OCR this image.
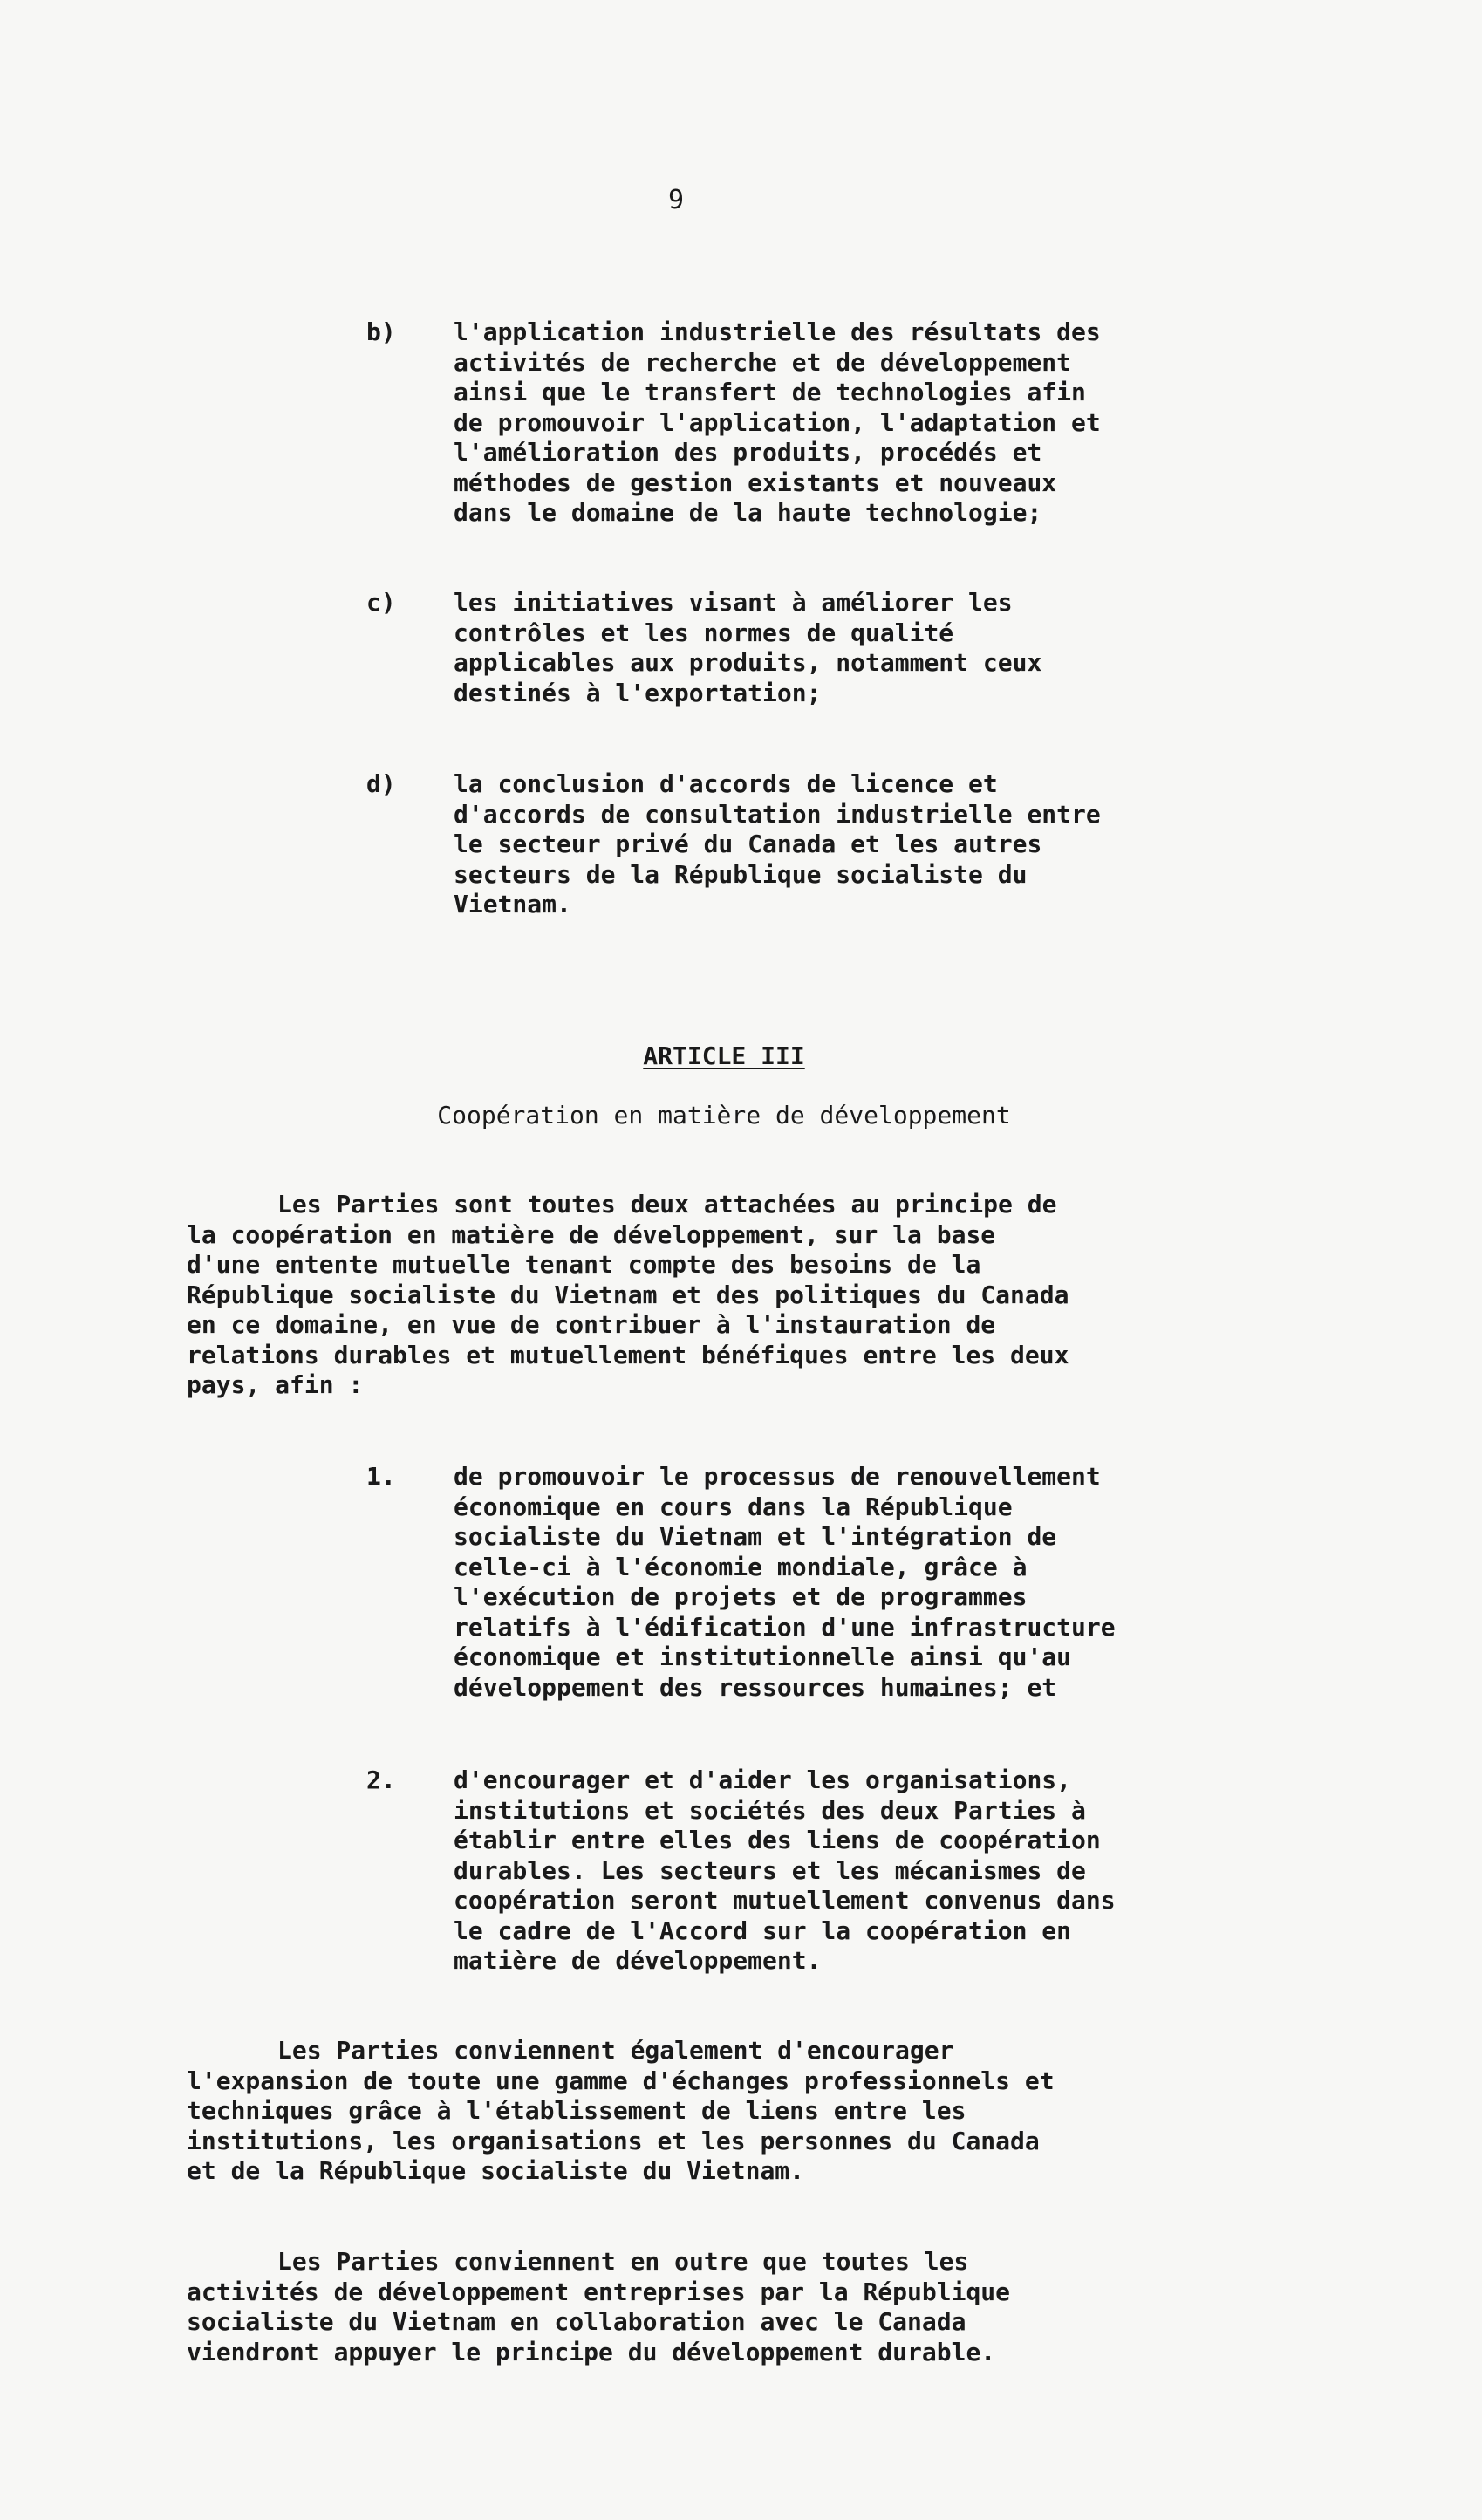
9
b) l'application industrielle des résultats des
activités de recherche et de développement
ainsi que le transfert de technologies afin
de promouvoir l'application, l'adaptation et
l'amélioration des produits, procédés et
méthodes de gestion existants et nouveaux
dans le domaine de la haute technologie;
c) les initiatives visant à améliorer les
contrôles et les normes de qualité
applicables aux produits, notamment ceux
destinés à l'exportation;
d) la conclusion d'accords de licence et
d'accords de consultation industrielle entre
le secteur privé du Canada et les autres
secteurs de la République socialiste du
Vietnam.
ARTICLE III
Coopération en matière de développement
Les Parties sont toutes deux attachées au principe de
la coopération en matière de développement, sur la base
d'une entente mutuelle tenant compte des besoins de la
République socialiste du Vietnam et des politiques du Canada
en ce domaine, en vue de contribuer à l'instauration de
relations durables et mutuellement bénéfiques entre les deux
pays, afin :
1. de promouvoir le processus de renouvellement
économique en cours dans la République
socialiste du Vietnam et l'intégration de
celle-ci à l'économie mondiale, grâce à
l'exécution de projets et de programmes
relatifs à l'édification d'une infrastructure
économique et institutionnelle ainsi qu'au
développement des ressources humaines; et
2. d'encourager et d'aider les organisations,
institutions et sociétés des deux Parties à
établir entre elles des liens de coopération
durables. Les secteurs et les mécanismes de
coopération seront mutuellement convenus dans
le cadre de l'Accord sur la coopération en
matière de développement.
Les Parties conviennent également d'encourager
l'expansion de toute une gamme d'échanges professionnels et
techniques grâce à l'établissement de liens entre les
institutions, les organisations et les personnes du Canada
et de la République socialiste du Vietnam.
Les Parties conviennent en outre que toutes les
activités de développement entreprises par la République
socialiste du Vietnam en collaboration avec le Canada
viendront appuyer le principe du développement durable.
